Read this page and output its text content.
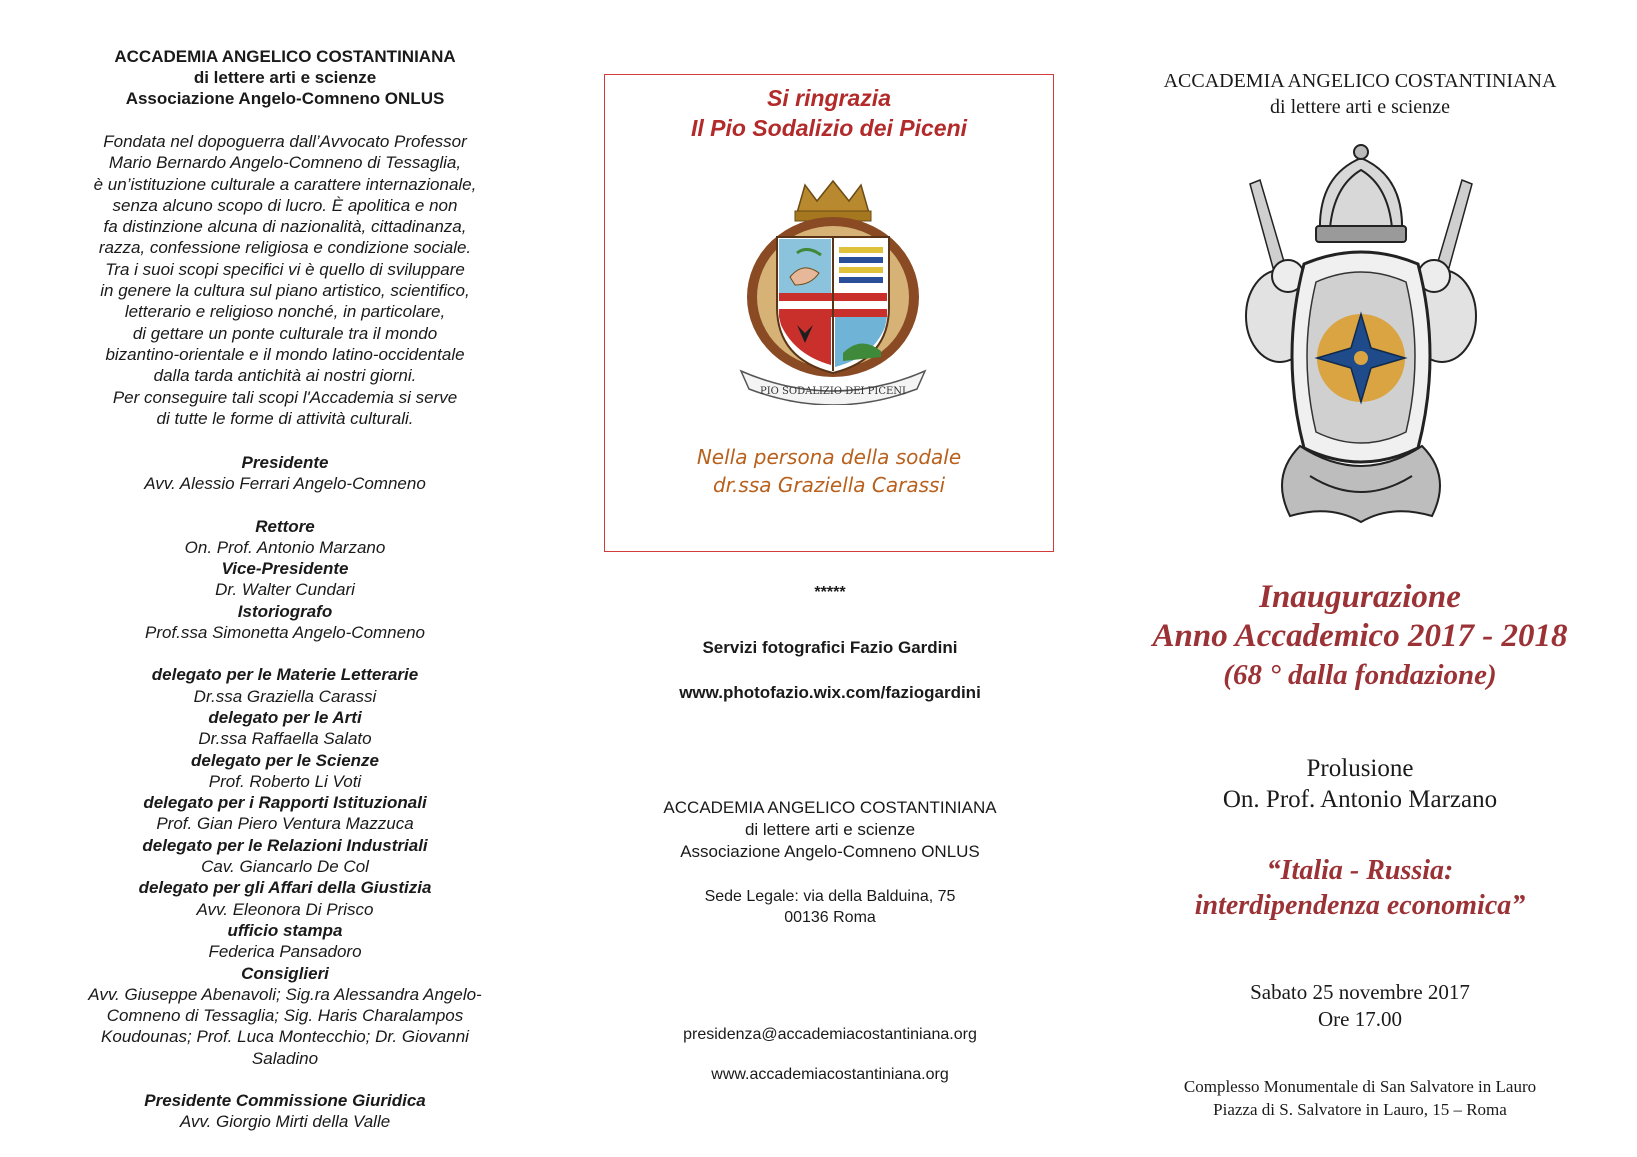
ACCADEMIA ANGELICO COSTANTINIANA
di lettere arti e scienze
Associazione Angelo-Comneno ONLUS
Fondata nel dopoguerra dall’Avvocato Professor
Mario Bernardo Angelo-Comneno di Tessaglia,
è un’istituzione culturale a carattere internazionale,
senza alcuno scopo di lucro. È apolitica e non
fa distinzione alcuna di nazionalità, cittadinanza,
razza, confessione religiosa e condizione sociale.
Tra i suoi scopi specifici vi è quello di sviluppare
in genere la cultura sul piano artistico, scientifico,
letterario e religioso nonché, in particolare,
di gettare un ponte culturale tra il mondo
bizantino-orientale e il mondo latino-occidentale
dalla tarda antichità ai nostri giorni.
Per conseguire tali scopi l'Accademia si serve
di tutte le forme di attività culturali.
Presidente
Avv. Alessio Ferrari Angelo-Comneno
Rettore
On. Prof. Antonio Marzano
Vice-Presidente
Dr. Walter Cundari
Istoriografo
Prof.ssa Simonetta Angelo-Comneno
delegato per le Materie Letterarie
Dr.ssa Graziella Carassi
delegato per le Arti
Dr.ssa Raffaella Salato
delegato per le Scienze
Prof. Roberto Li Voti
delegato per i Rapporti Istituzionali
Prof. Gian Piero Ventura Mazzuca
delegato per le Relazioni Industriali
Cav. Giancarlo De Col
delegato per gli Affari della Giustizia
Avv. Eleonora Di Prisco
ufficio stampa
Federica Pansadoro
Consiglieri
Avv. Giuseppe Abenavoli; Sig.ra Alessandra Angelo-
Comneno di Tessaglia; Sig. Haris Charalampos
Koudounas; Prof. Luca Montecchio; Dr. Giovanni
Saladino
Presidente Commissione Giuridica
Avv. Giorgio Mirti della Valle
Si ringrazia
Il Pio Sodalizio dei Piceni
PIO SODALIZIO DEI PICENI
Nella persona della sodale
dr.ssa Graziella Carassi
*****
Servizi fotografici Fazio Gardini
www.photofazio.wix.com/faziogardini
ACCADEMIA ANGELICO COSTANTINIANA
di lettere arti e scienze
Associazione Angelo-Comneno ONLUS
Sede Legale: via della Balduina, 75
00136 Roma
presidenza@accademiacostantiniana.org
www.accademiacostantiniana.org
ACCADEMIA ANGELICO COSTANTINIANA
di lettere arti e scienze
Inaugurazione
Anno Accademico 2017 - 2018
(68 ° dalla fondazione)
Prolusione
On. Prof. Antonio Marzano
“Italia - Russia:
interdipendenza economica”
Sabato 25 novembre 2017
Ore 17.00
Complesso Monumentale di San Salvatore in Lauro
Piazza di S. Salvatore in Lauro, 15 – Roma
